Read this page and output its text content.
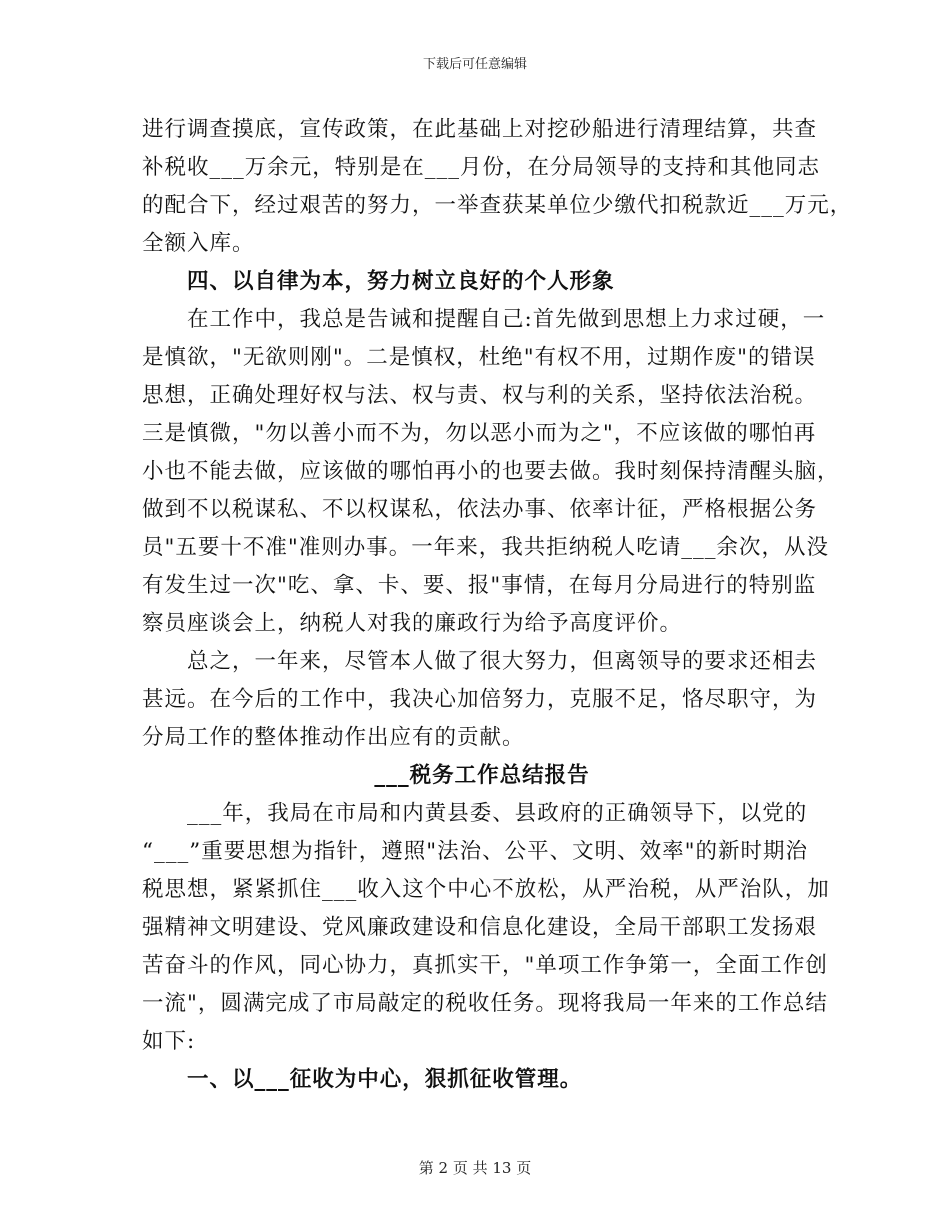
下载后可任意编辑
进行调查摸底，宣传政策，在此基础上对挖砂船进行清理结算，共查
补税收___万余元，特别是在___月份，在分局领导的支持和其他同志
的配合下，经过艰苦的努力，一举查获某单位少缴代扣税款近___万元，
全额入库。
　　四、以自律为本，努力树立良好的个人形象
　　在工作中，我总是告诫和提醒自己:首先做到思想上力求过硬，一
是慎欲，"无欲则刚"。二是慎权，杜绝"有权不用，过期作废"的错误
思想，正确处理好权与法、权与责、权与利的关系，坚持依法治税。
三是慎微，"勿以善小而不为，勿以恶小而为之"，不应该做的哪怕再
小也不能去做，应该做的哪怕再小的也要去做。我时刻保持清醒头脑，
做到不以税谋私、不以权谋私，依法办事、依率计征，严格根据公务
员"五要十不准"准则办事。一年来，我共拒纳税人吃请___余次，从没
有发生过一次"吃、拿、卡、要、报"事情，在每月分局进行的特别监
察员座谈会上，纳税人对我的廉政行为给予高度评价。
　　总之，一年来，尽管本人做了很大努力，但离领导的要求还相去
甚远。在今后的工作中，我决心加倍努力，克服不足，恪尽职守，为
分局工作的整体推动作出应有的贡献。
___税务工作总结报告
　　___年，我局在市局和内黄县委、县政府的正确领导下，以党的
“___”重要思想为指针，遵照"法治、公平、文明、效率"的新时期治
税思想，紧紧抓住___收入这个中心不放松，从严治税，从严治队，加
强精神文明建设、党风廉政建设和信息化建设，全局干部职工发扬艰
苦奋斗的作风，同心协力，真抓实干，"单项工作争第一，全面工作创
一流"，圆满完成了市局敲定的税收任务。现将我局一年来的工作总结
如下:
　　一、以___征收为中心，狠抓征收管理。
第 2 页 共 13 页
